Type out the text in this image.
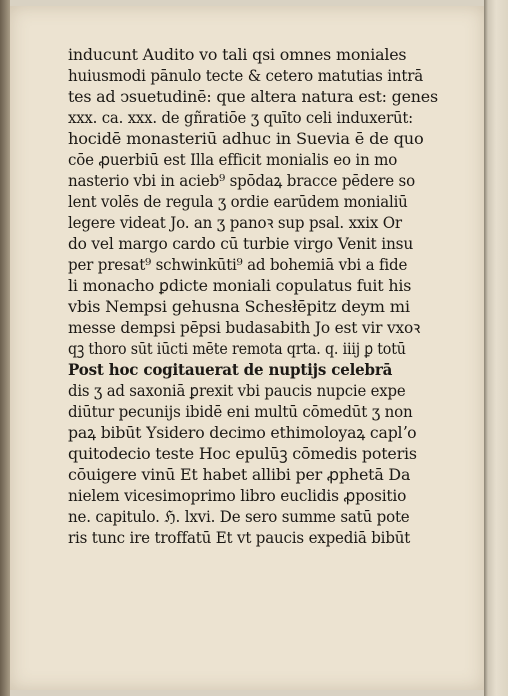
inducunt Audito vo tali qsi omnes moniales
huiusmodi pānulo tecte & cetero matutias intrā
tes ad ↄsuetudinē: que altera natura est: genes
xxx. ca. xxx. de gñratiōe ʒ quīto celi induxerūt:
hocidē monasteriū adhuc in Suevia ē de quo
cōe ꝓuerbiū est Illa efficit monialis eo in mo
nasterio vbi in acieb⁹ spōdaꝝ bracce pēdere so
lent volēs de regula ʒ ordie earūdem monialiū
legere videat Jo. an ʒ panoꝛ sup psal. xxix Or
do vel margo cardo cū turbie virgo Venit insu
per presat⁹ schwinkūti⁹ ad bohemiā vbi a fide
li monacho ꝑdicte moniali copulatus fuit his
vbis Nempsi gehusna Schesłēpitz deym mi
messe dempsi pēpsi budasabith Jo est vir vxoꝛ
qꝫ thoro sūt iūcti mēte remota qrta. q. iiij ꝑ totū
Post hoc cogitauerat de nuptijs celebrā
dis ʒ ad saxoniā ꝑrexit vbi paucis nupcie expe
diūtur pecunijs ibidē eni multū cōmedūt ʒ non
paꝝ bibūt Ysidero decimo ethimoloyaꝝ caplʼo
quitodecio teste Hoc epulūꝫ cōmedis poteris
cōuigere vinū Et habet allibi per ꝓphetā Da
nielem vicesimoprimo libro euclidis ꝓpositio
ne. capitulo. ℌ. lxvi. De sero summe satū pote
ris tunc ire troffatū Et vt paucis expediā bibūt
